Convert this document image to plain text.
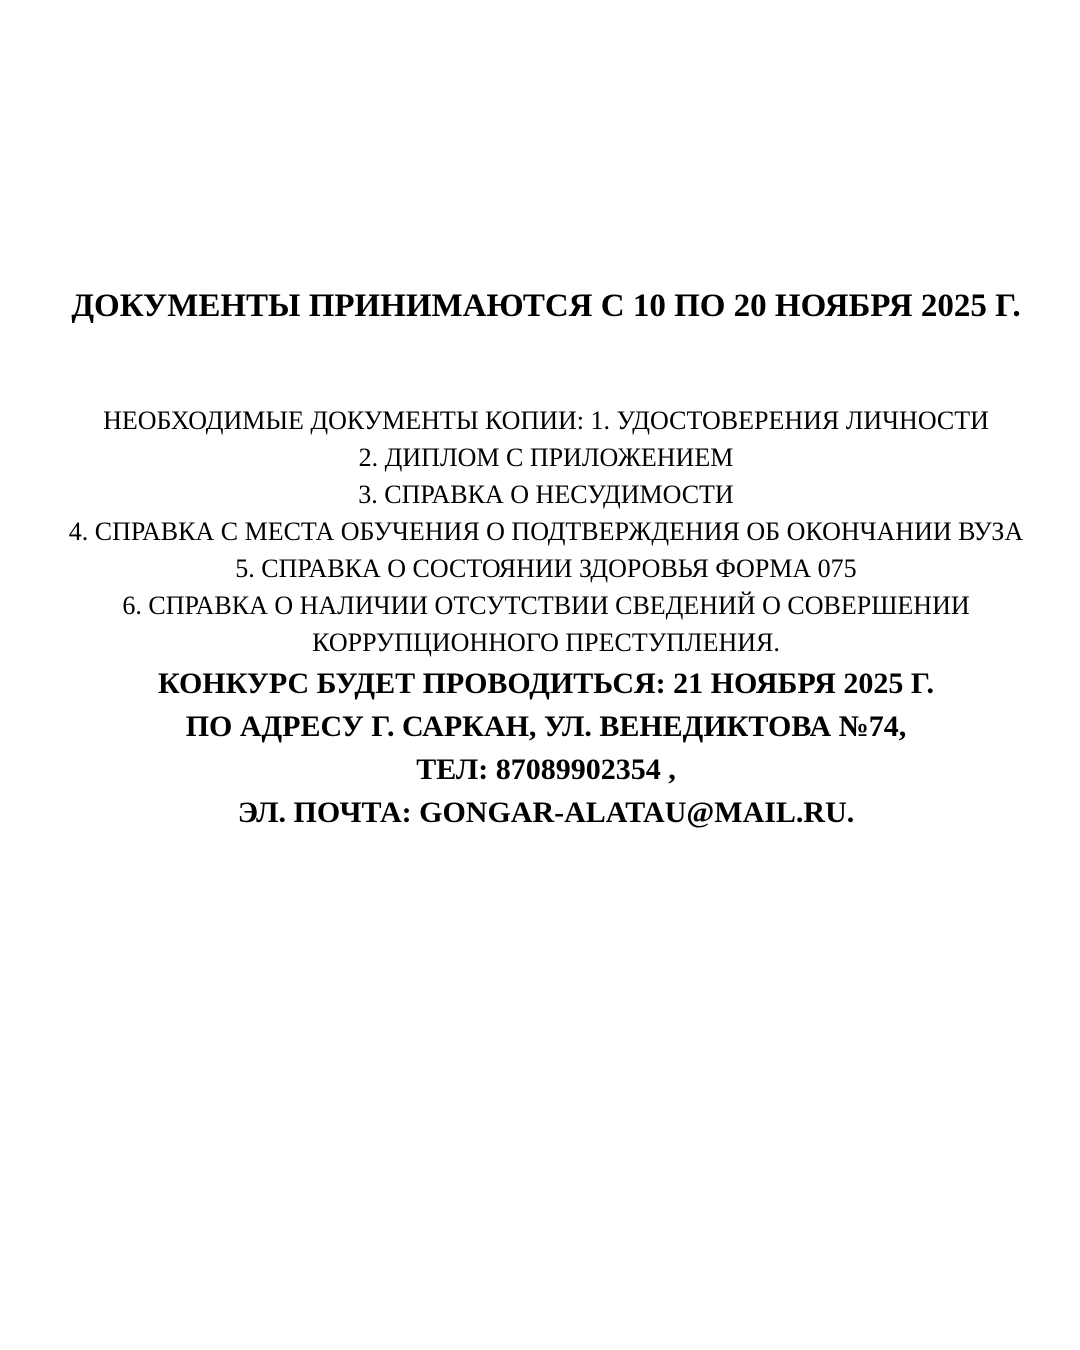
ДОКУМЕНТЫ ПРИНИМАЮТСЯ С 10 ПО 20 НОЯБРЯ 2025 Г.
НЕОБХОДИМЫЕ ДОКУМЕНТЫ КОПИИ: 1. УДОСТОВЕРЕНИЯ ЛИЧНОСТИ
2. ДИПЛОМ С ПРИЛОЖЕНИЕМ
3. СПРАВКА О НЕСУДИМОСТИ
4. СПРАВКА С МЕСТА ОБУЧЕНИЯ О ПОДТВЕРЖДЕНИЯ ОБ ОКОНЧАНИИ ВУЗА
5. СПРАВКА О СОСТОЯНИИ ЗДОРОВЬЯ ФОРМА 075
6. СПРАВКА О НАЛИЧИИ ОТСУТСТВИИ СВЕДЕНИЙ О СОВЕРШЕНИИ
КОРРУПЦИОННОГО ПРЕСТУПЛЕНИЯ.
КОНКУРС БУДЕТ ПРОВОДИТЬСЯ: 21 НОЯБРЯ 2025 Г.
ПО АДРЕСУ Г. САРКАН, УЛ. ВЕНЕДИКТОВА №74,
ТЕЛ: 87089902354 ,
ЭЛ. ПОЧТА: GONGAR-ALATAU@MAIL.RU.
